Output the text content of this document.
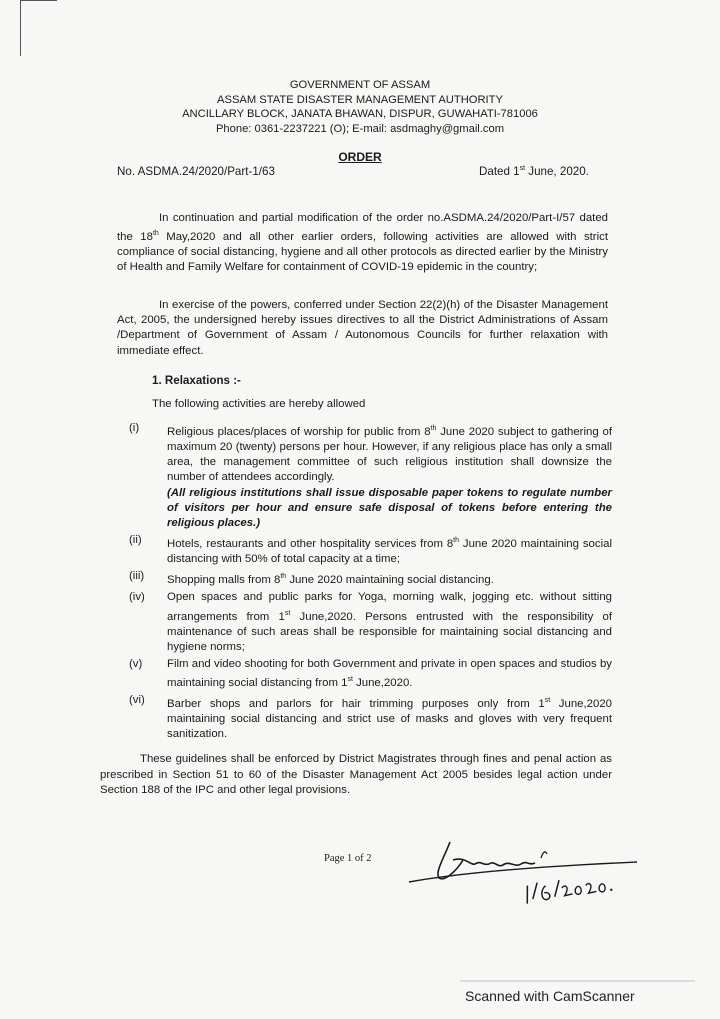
GOVERNMENT OF ASSAM
ASSAM STATE DISASTER MANAGEMENT AUTHORITY
ANCILLARY BLOCK, JANATA BHAWAN, DISPUR, GUWAHATI-781006
Phone: 0361-2237221 (O); E-mail: asdmaghy@gmail.com
ORDER
No. ASDMA.24/2020/Part-1/63	Dated 1st June, 2020.
In continuation and partial modification of the order no.ASDMA.24/2020/Part-I/57 dated the 18th May,2020 and all other earlier orders, following activities are allowed with strict compliance of social distancing, hygiene and all other protocols as directed earlier by the Ministry of Health and Family Welfare for containment of COVID-19 epidemic in the country;
In exercise of the powers, conferred under Section 22(2)(h) of the Disaster Management Act, 2005, the undersigned hereby issues directives to all the District Administrations of Assam /Department of Government of Assam / Autonomous Councils for further relaxation with immediate effect.
1. Relaxations :-
The following activities are hereby allowed
(i) Religious places/places of worship for public from 8th June 2020 subject to gathering of maximum 20 (twenty) persons per hour. However, if any religious place has only a small area, the management committee of such religious institution shall downsize the number of attendees accordingly.
(All religious institutions shall issue disposable paper tokens to regulate number of visitors per hour and ensure safe disposal of tokens before entering the religious places.)
(ii) Hotels, restaurants and other hospitality services from 8th June 2020 maintaining social distancing with 50% of total capacity at a time;
(iii) Shopping malls from 8th June 2020 maintaining social distancing.
(iv) Open spaces and public parks for Yoga, morning walk, jogging etc. without sitting arrangements from 1st June,2020. Persons entrusted with the responsibility of maintenance of such areas shall be responsible for maintaining social distancing and hygiene norms;
(v) Film and video shooting for both Government and private in open spaces and studios by maintaining social distancing from 1st June,2020.
(vi) Barber shops and parlors for hair trimming purposes only from 1st June,2020 maintaining social distancing and strict use of masks and gloves with very frequent sanitization.
These guidelines shall be enforced by District Magistrates through fines and penal action as prescribed in Section 51 to 60 of the Disaster Management Act 2005 besides legal action under Section 188 of the IPC and other legal provisions.
Page 1 of 2
Scanned with CamScanner
